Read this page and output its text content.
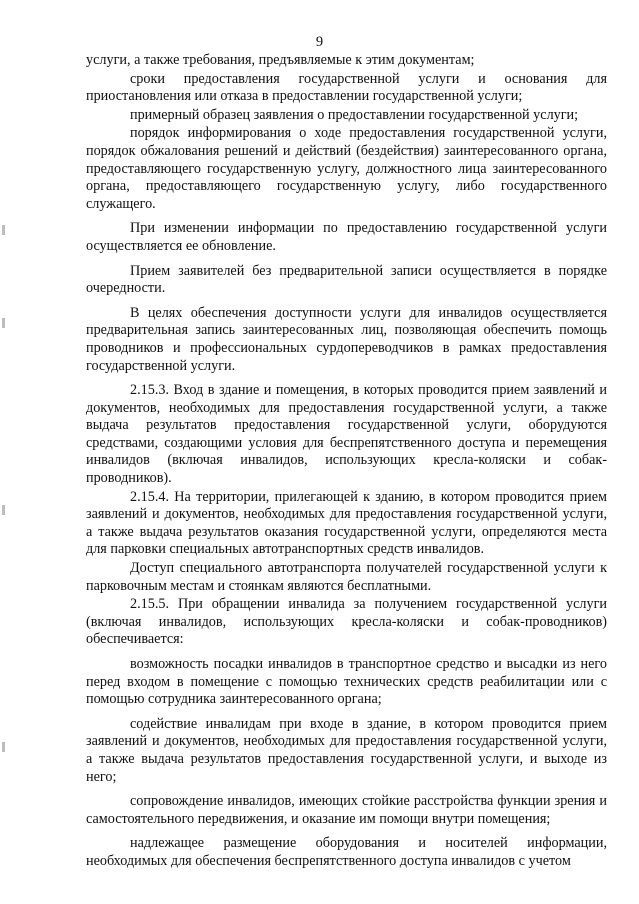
9

услуги, а также требования, предъявляемые к этим документам;

сроки предоставления государственной услуги и основания для приостановления или отказа в предоставлении государственной услуги;

примерный образец заявления о предоставлении государственной услуги;

порядок информирования о ходе предоставления государственной услуги, порядок обжалования решений и действий (бездействия) заинтересованного органа, предоставляющего государственную услугу, должностного лица заинтересованного органа, предоставляющего государственную услугу, либо государственного служащего.

При изменении информации по предоставлению государственной услуги осуществляется ее обновление.

Прием заявителей без предварительной записи осуществляется в порядке очередности.

В целях обеспечения доступности услуги для инвалидов осуществляется предварительная запись заинтересованных лиц, позволяющая обеспечить помощь проводников и профессиональных сурдопереводчиков в рамках предоставления государственной услуги.

2.15.3. Вход в здание и помещения, в которых проводится прием заявлений и документов, необходимых для предоставления государственной услуги, а также выдача результатов предоставления государственной услуги, оборудуются средствами, создающими условия для беспрепятственного доступа и перемещения инвалидов (включая инвалидов, использующих кресла-коляски и собак-проводников).

2.15.4. На территории, прилегающей к зданию, в котором проводится прием заявлений и документов, необходимых для предоставления государственной услуги, а также выдача результатов оказания государственной услуги, определяются места для парковки специальных автотранспортных средств инвалидов.

Доступ специального автотранспорта получателей государственной услуги к парковочным местам и стоянкам являются бесплатными.

2.15.5. При обращении инвалида за получением государственной услуги (включая инвалидов, использующих кресла-коляски и собак-проводников) обеспечивается:

возможность посадки инвалидов в транспортное средство и высадки из него перед входом в помещение с помощью технических средств реабилитации или с помощью сотрудника заинтересованного органа;

содействие инвалидам при входе в здание, в котором проводится прием заявлений и документов, необходимых для предоставления государственной услуги, а также выдача результатов предоставления государственной услуги, и выходе из него;

сопровождение инвалидов, имеющих стойкие расстройства функции зрения и самостоятельного передвижения, и оказание им помощи внутри помещения;

надлежащее размещение оборудования и носителей информации, необходимых для обеспечения беспрепятственного доступа инвалидов с учетом
